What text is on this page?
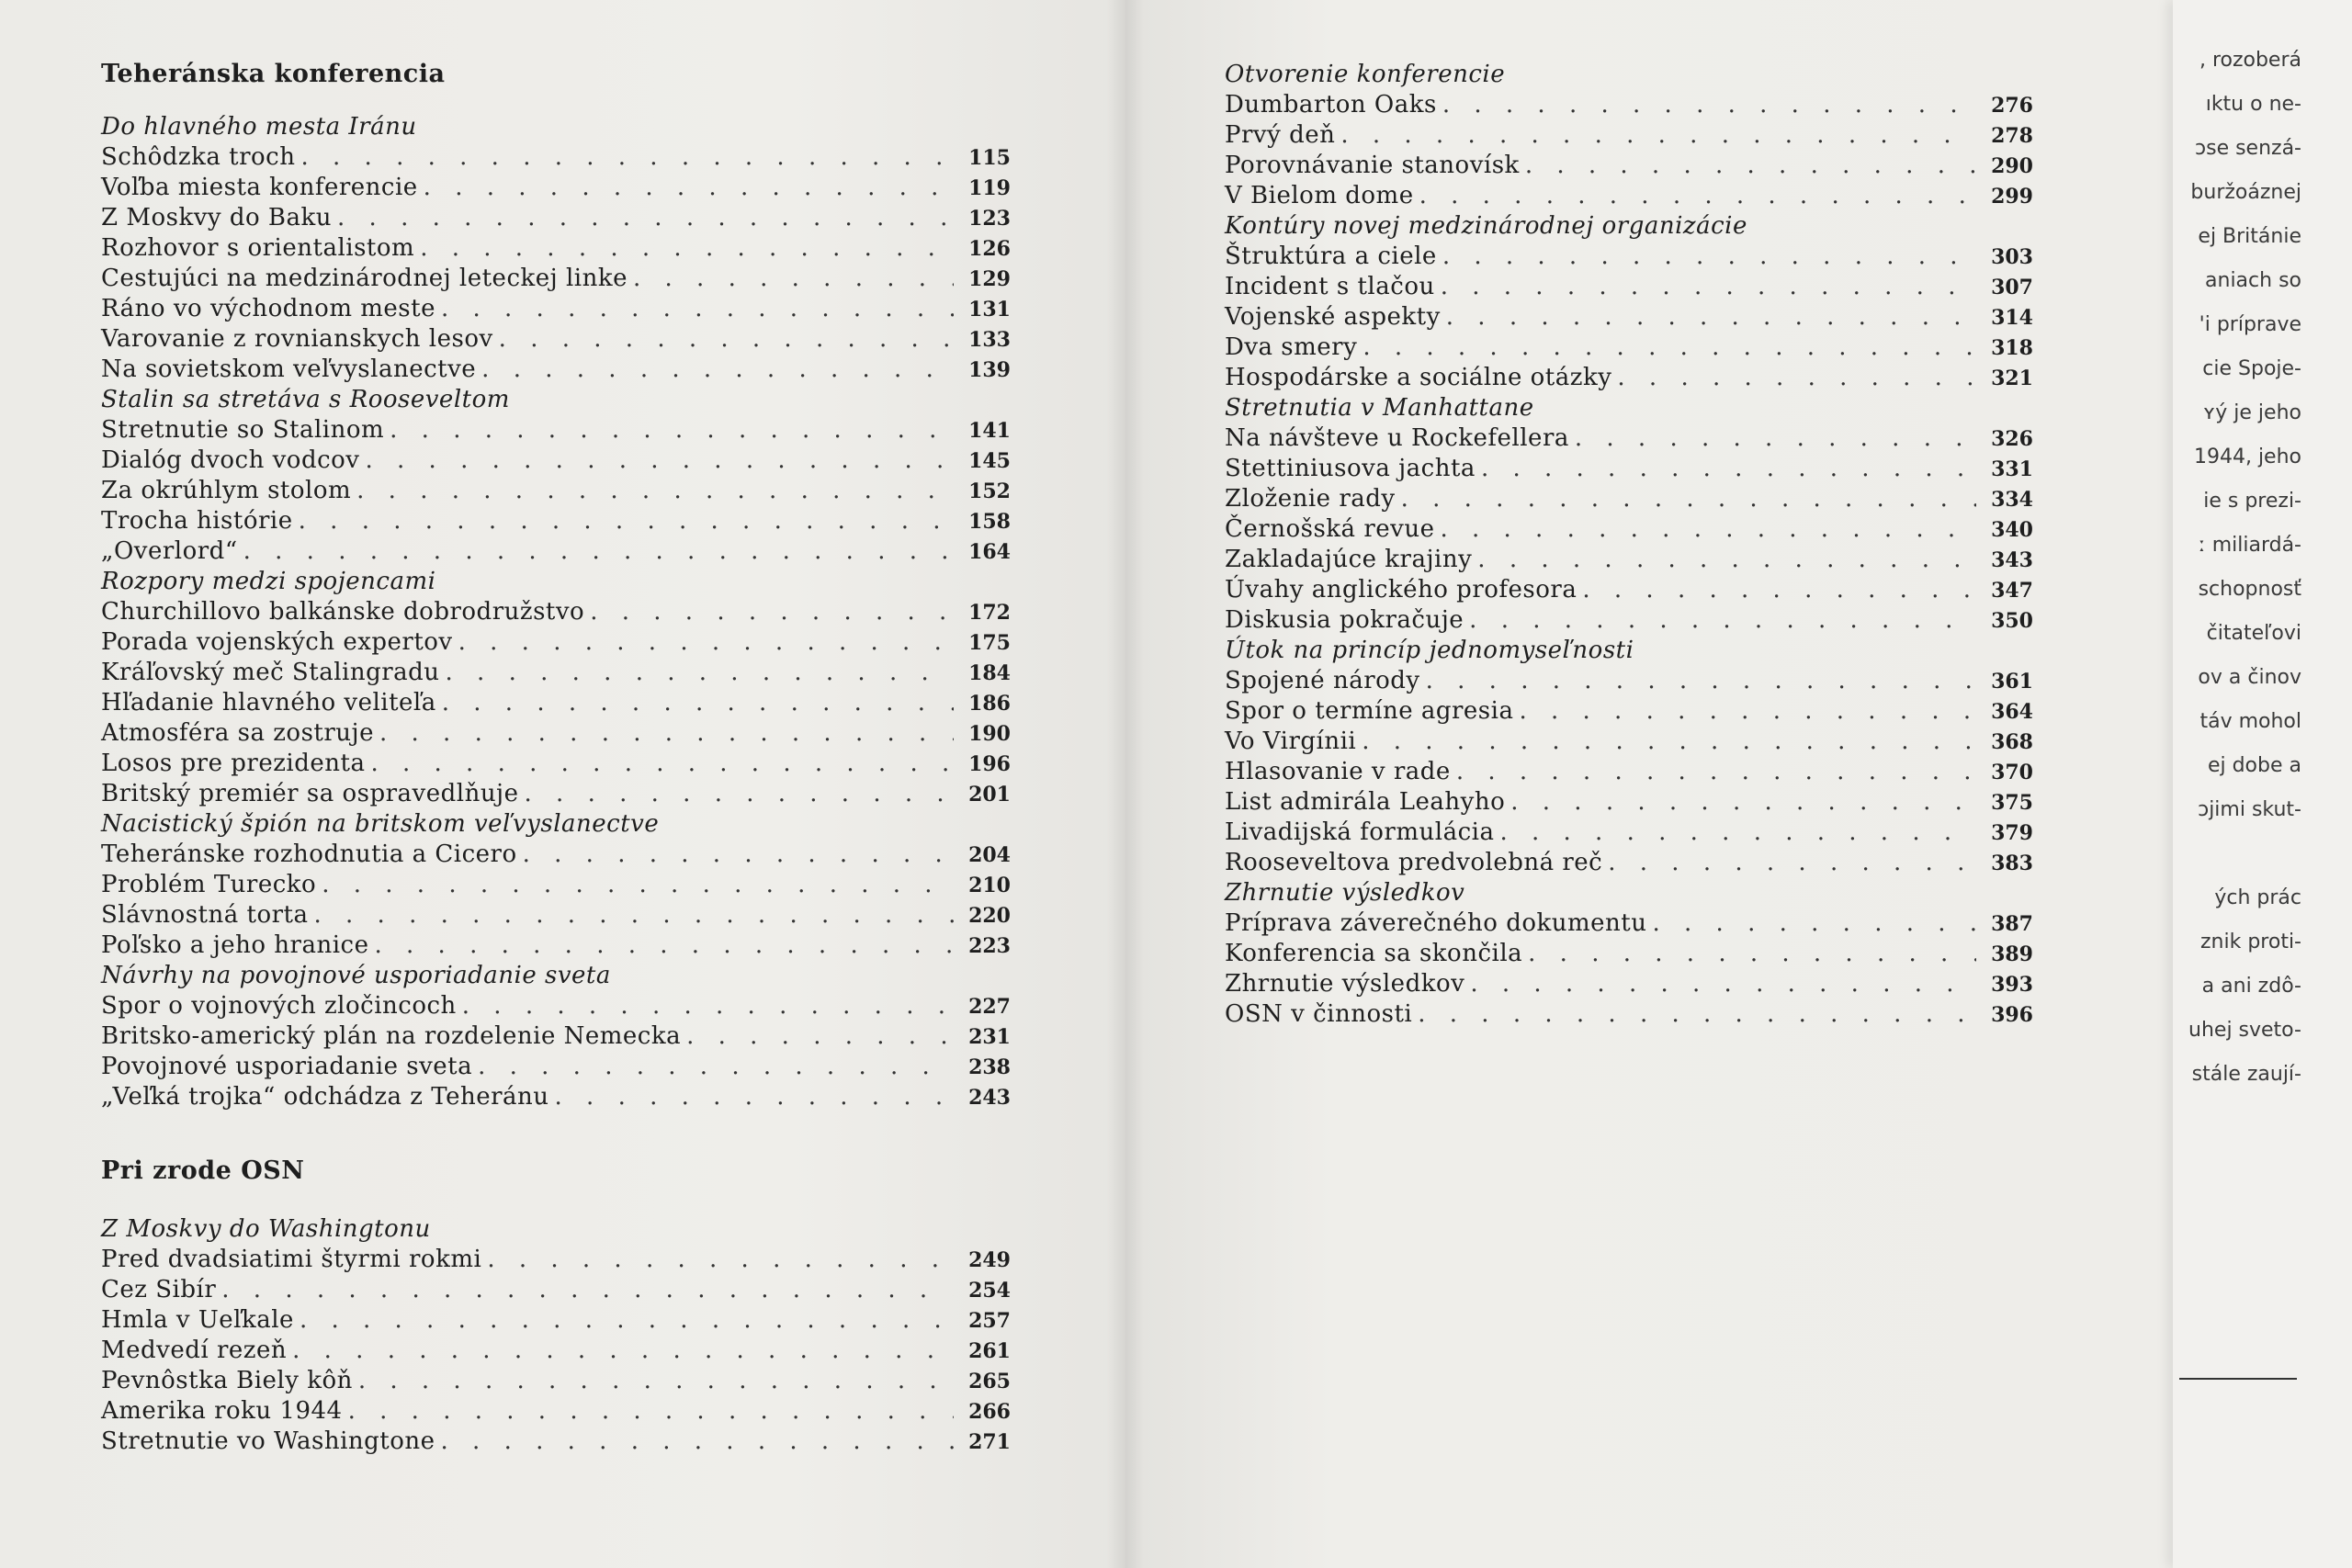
Teheránska konferencia
Do hlavného mesta Iránu
Schôdzka troch . . .	115
Voľba miesta konferencie . . .	119
Z Moskvy do Baku . . .	123
Rozhovor s orientalistom . . .	126
Cestujúci na medzinárodnej leteckej linke . . .	129
Ráno vo východnom meste . . .	131
Varovanie z rovnianskych lesov . . .	133
Na sovietskom veľvyslanectve . . .	139
Stalin sa stretáva s Rooseveltom
Stretnutie so Stalinom . . .	141
Dialóg dvoch vodcov . . .	145
Za okrúhlym stolom . . .	152
Trocha histórie . . .	158
„Overlord“ . . .	164
Rozpory medzi spojencami
Churchillovo balkánske dobrodružstvo . . .	172
Porada vojenských expertov . . .	175
Kráľovský meč Stalingradu . . .	184
Hľadanie hlavného veliteľa . . .	186
Atmosféra sa zostruje . . .	190
Losos pre prezidenta . . .	196
Britský premiér sa ospravedlňuje . . .	201
Nacistický špión na britskom veľvyslanectve
Teheránske rozhodnutia a Cicero . . .	204
Problém Turecko . . .	210
Slávnostná torta . . .	220
Poľsko a jeho hranice . . .	223
Návrhy na povojnové usporiadanie sveta
Spor o vojnových zločincoch . . .	227
Britsko-americký plán na rozdelenie Nemecka . . .	231
Povojnové usporiadanie sveta . . .	238
„Veľká trojka“ odchádza z Teheránu . . .	243
Pri zrode OSN
Z Moskvy do Washingtonu
Pred dvadsiatimi štyrmi rokmi . . .	249
Cez Sibír . . .	254
Hmla v Ueľkale . . .	257
Medvedí rezeň . . .	261
Pevnôstka Biely kôň . . .	265
Amerika roku 1944 . . .	266
Stretnutie vo Washingtone . . .	271
Otvorenie konferencie
Dumbarton Oaks . . .	276
Prvý deň . . .	278
Porovnávanie stanovísk . . .	290
V Bielom dome . . .	299
Kontúry novej medzinárodnej organizácie
Štruktúra a ciele . . .	303
Incident s tlačou . . .	307
Vojenské aspekty . . .	314
Dva smery . . .	318
Hospodárske a sociálne otázky . . .	321
Stretnutia v Manhattane
Na návšteve u Rockefellera . . .	326
Stettiniusova jachta . . .	331
Zloženie rady . . .	334
Černošská revue . . .	340
Zakladajúce krajiny . . .	343
Úvahy anglického profesora . . .	347
Diskusia pokračuje . . .	350
Útok na princíp jednomyseľnosti
Spojené národy . . .	361
Spor o termíne agresia . . .	364
Vo Virgínii . . .	368
Hlasovanie v rade . . .	370
List admirála Leahyho . . .	375
Livadijská formulácia . . .	379
Rooseveltova predvolebná reč . . .	383
Zhrnutie výsledkov
Príprava záverečného dokumentu . . .	387
Konferencia sa skončila . . .	389
Zhrnutie výsledkov . . .	393
OSN v činnosti . . .	396
, rozoberá
ıktu o ne-
ɔse senzá-
buržoáznej
ej Británie
aniach so
'i príprave
cie Spoje-
ʏý je jeho
1944, jeho
ie s prezi-
ː miliardá-
schopnosť
čitateľovi
ov a činov
táv mohol
ej dobe a
ɔjimi skut-
ých prác
znik proti-
a ani zdô-
uhej sveto-
stále zaují-
